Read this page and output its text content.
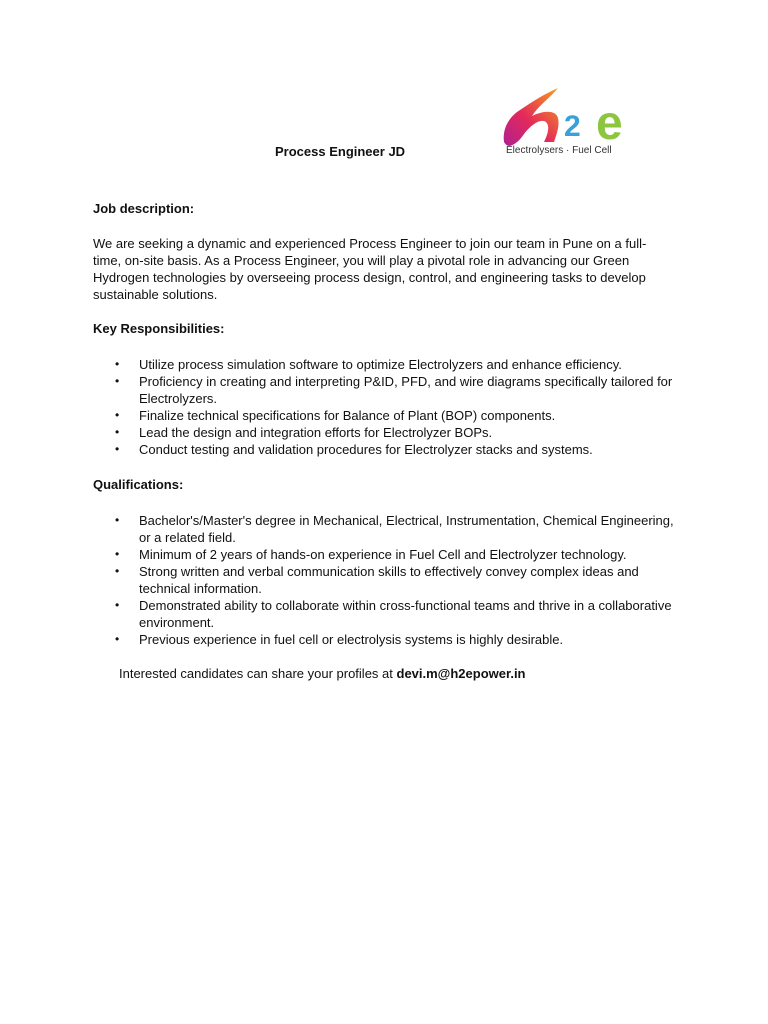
2 e
Electrolysers · Fuel Cell

Process Engineer JD

Job description:

We are seeking a dynamic and experienced Process Engineer to join our team in Pune on a full-time, on-site basis. As a Process Engineer, you will play a pivotal role in advancing our Green Hydrogen technologies by overseeing process design, control, and engineering tasks to develop sustainable solutions.

Key Responsibilities:

• Utilize process simulation software to optimize Electrolyzers and enhance efficiency.
• Proficiency in creating and interpreting P&ID, PFD, and wire diagrams specifically tailored for Electrolyzers.
• Finalize technical specifications for Balance of Plant (BOP) components.
• Lead the design and integration efforts for Electrolyzer BOPs.
• Conduct testing and validation procedures for Electrolyzer stacks and systems.

Qualifications:

• Bachelor's/Master's degree in Mechanical, Electrical, Instrumentation, Chemical Engineering, or a related field.
• Minimum of 2 years of hands-on experience in Fuel Cell and Electrolyzer technology.
• Strong written and verbal communication skills to effectively convey complex ideas and technical information.
• Demonstrated ability to collaborate within cross-functional teams and thrive in a collaborative environment.
• Previous experience in fuel cell or electrolysis systems is highly desirable.

Interested candidates can share your profiles at devi.m@h2epower.in
